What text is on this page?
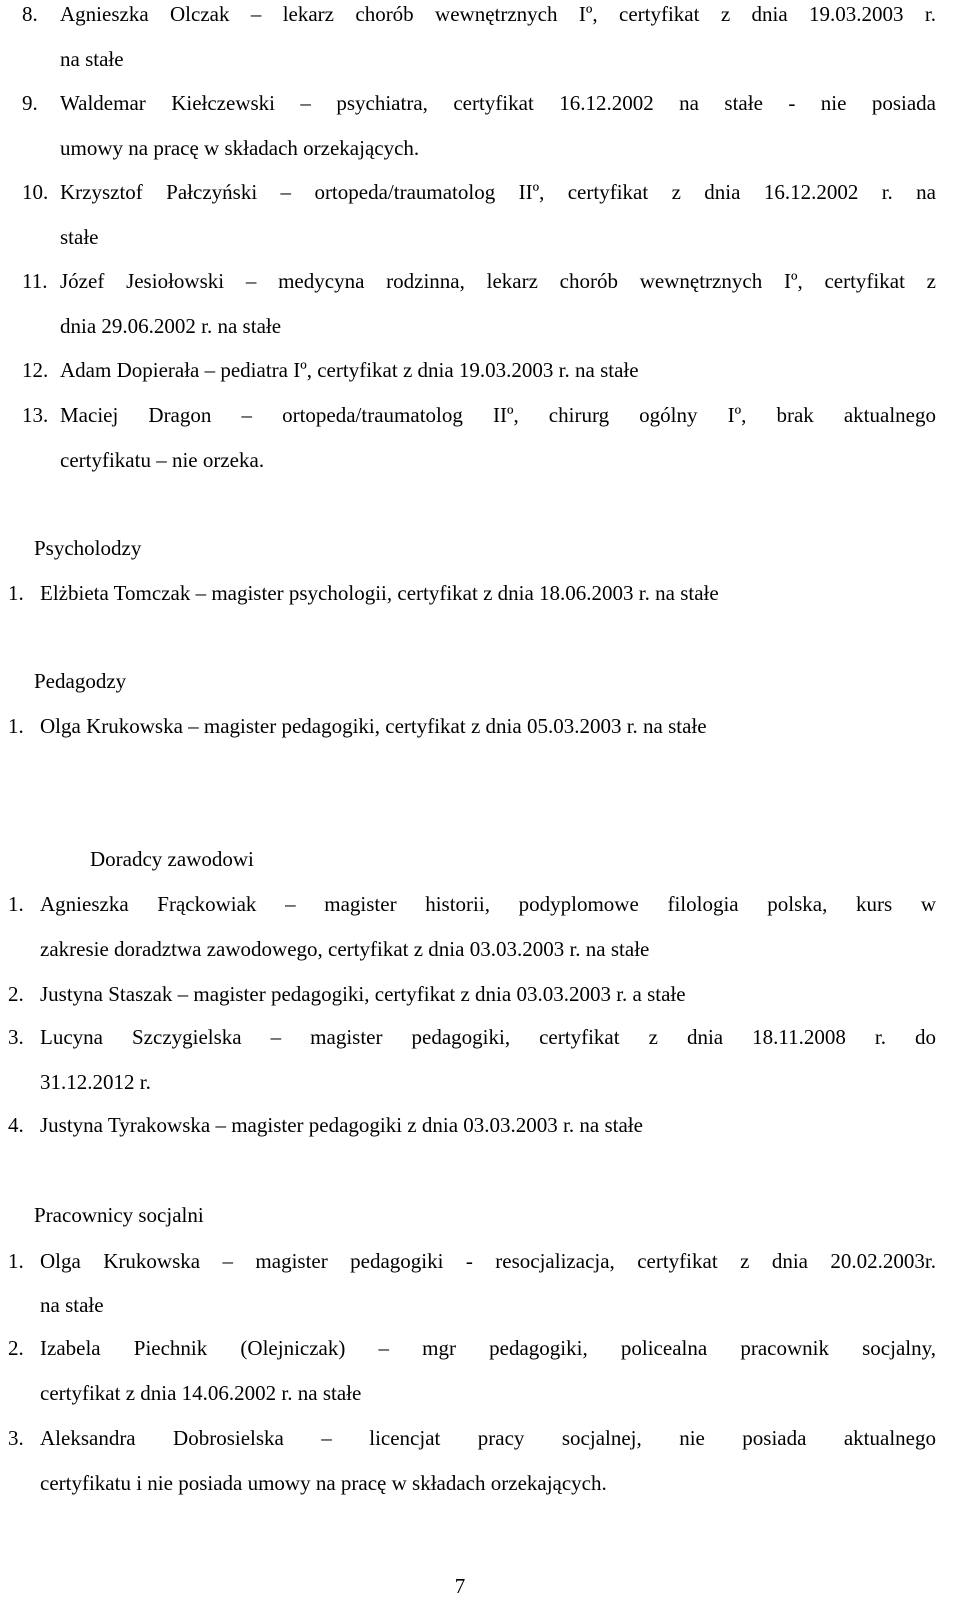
8. Agnieszka Olczak – lekarz chorób wewnętrznych Iº, certyfikat z dnia 19.03.2003 r.
na stałe
9. Waldemar Kiełczewski – psychiatra, certyfikat 16.12.2002 na stałe - nie posiada
umowy na pracę w składach orzekających.
10. Krzysztof Pałczyński – ortopeda/traumatolog IIº, certyfikat z dnia 16.12.2002 r. na
stałe
11. Józef Jesiołowski – medycyna rodzinna, lekarz chorób wewnętrznych Iº, certyfikat z
dnia 29.06.2002 r. na stałe
12. Adam Dopierała – pediatra Iº, certyfikat z dnia 19.03.2003 r. na stałe
13. Maciej Dragon – ortopeda/traumatolog IIº, chirurg ogólny Iº, brak aktualnego
certyfikatu – nie orzeka.
Psycholodzy
1. Elżbieta Tomczak – magister psychologii, certyfikat z dnia 18.06.2003 r. na stałe
Pedagodzy
1. Olga Krukowska – magister pedagogiki, certyfikat z dnia 05.03.2003 r. na stałe
Doradcy zawodowi
1. Agnieszka Frąckowiak – magister historii, podyplomowe filologia polska, kurs w
zakresie doradztwa zawodowego, certyfikat z dnia 03.03.2003 r. na stałe
2. Justyna Staszak – magister pedagogiki, certyfikat z dnia 03.03.2003 r. a stałe
3. Lucyna Szczygielska – magister pedagogiki, certyfikat z dnia 18.11.2008 r. do
31.12.2012 r.
4. Justyna Tyrakowska – magister pedagogiki z dnia 03.03.2003 r. na stałe
Pracownicy socjalni
1. Olga Krukowska – magister pedagogiki - resocjalizacja, certyfikat z dnia 20.02.2003r.
na stałe
2. Izabela Piechnik (Olejniczak) – mgr pedagogiki, policealna pracownik socjalny,
certyfikat z dnia 14.06.2002 r. na stałe
3. Aleksandra Dobrosielska – licencjat pracy socjalnej, nie posiada aktualnego
certyfikatu i nie posiada umowy na pracę w składach orzekających.
7
